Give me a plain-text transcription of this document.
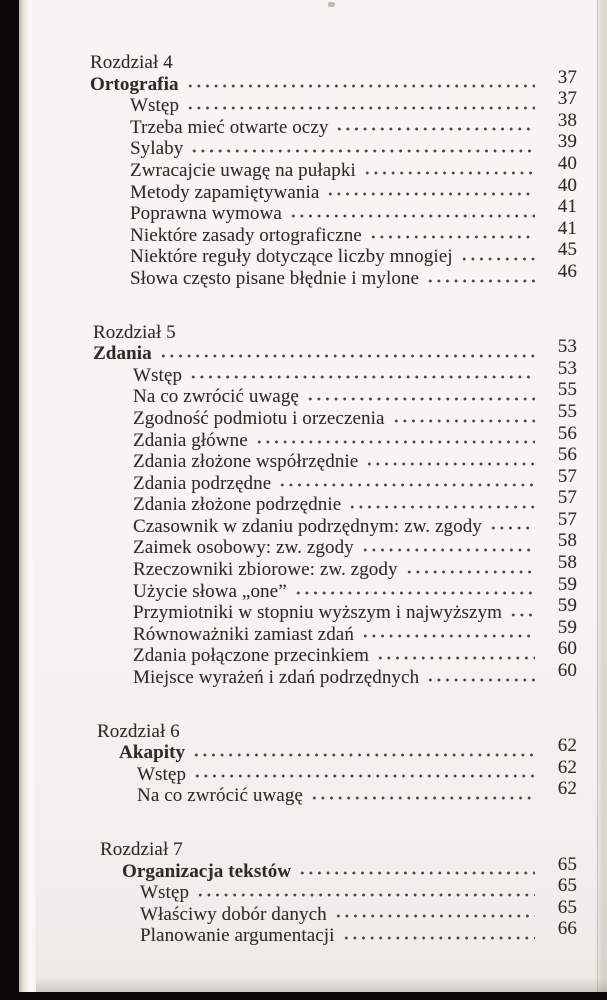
Rozdział 4
Ortografia	37
Wstęp	37
Trzeba mieć otwarte oczy	38
Sylaby	39
Zwracajcie uwagę na pułapki	40
Metody zapamiętywania	40
Poprawna wymowa	41
Niektóre zasady ortograficzne	41
Niektóre reguły dotyczące liczby mnogiej	45
Słowa często pisane błędnie i mylone	46
Rozdział 5
Zdania	53
Wstęp	53
Na co zwrócić uwagę	55
Zgodność podmiotu i orzeczenia	55
Zdania główne	56
Zdania złożone współrzędnie	56
Zdania podrzędne	57
Zdania złożone podrzędnie	57
Czasownik w zdaniu podrzędnym: zw. zgody	57
Zaimek osobowy: zw. zgody	58
Rzeczowniki zbiorowe: zw. zgody	58
Użycie słowa „one”	59
Przymiotniki w stopniu wyższym i najwyższym	59
Równoważniki zamiast zdań	59
Zdania połączone przecinkiem	60
Miejsce wyrażeń i zdań podrzędnych	60
Rozdział 6
Akapity	62
Wstęp	62
Na co zwrócić uwagę	62
Rozdział 7
Organizacja tekstów	65
Wstęp	65
Właściwy dobór danych	65
Planowanie argumentacji	66
